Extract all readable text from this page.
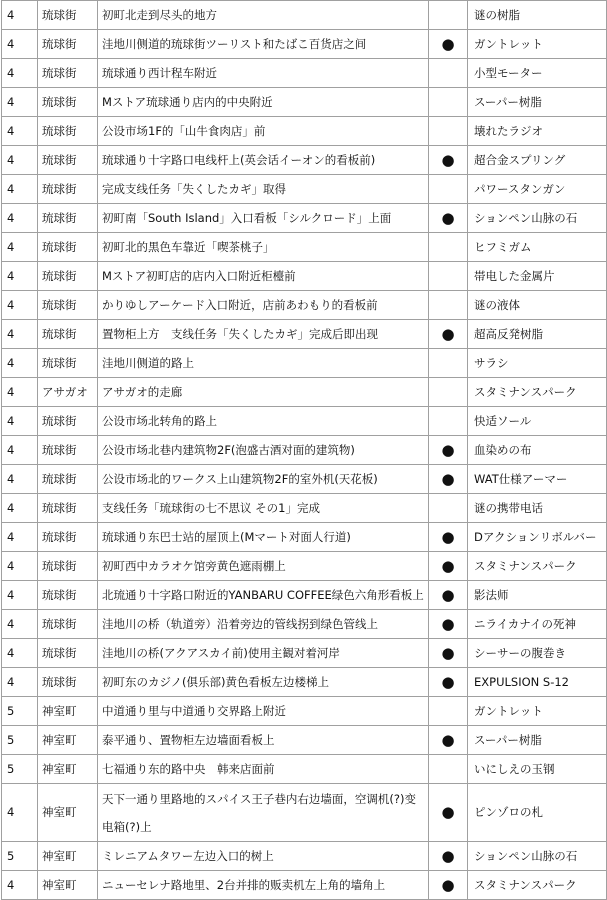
4	琉球街	初町北走到尽头的地方		谜の树脂
4	琉球街	洼地川侧道的琉球街ツーリスト和たばこ百货店之间	●	ガントレット
4	琉球街	琉球通り西计程车附近		小型モーター
4	琉球街	Mストア琉球通り店内的中央附近		スーパー树脂
4	琉球街	公设市场1F的「山牛食肉店」前		壊れたラジオ
4	琉球街	琉球通り十字路口电线杆上(英会话イーオン的看板前)	●	超合金スプリング
4	琉球街	完成支线任务「失くしたカギ」取得		パワースタンガン
4	琉球街	初町南「South Island」入口看板「シルクロード」上面	●	ションペン山脉の石
4	琉球街	初町北的黒色车靠近「喫茶桃子」		ヒフミガム
4	琉球街	Mストア初町店的店内入口附近柜檯前		帯电した金属片
4	琉球街	かりゆしアーケード入口附近，店前あわもり的看板前		谜の液体
4	琉球街	置物柜上方　支线任务「失くしたカギ」完成后即出现	●	超高反発树脂
4	琉球街	洼地川侧道的路上		サラシ
4	アサガオ	アサガオ的走廊		スタミナンスパーク
4	琉球街	公设市场北转角的路上		快适ソール
4	琉球街	公设市场北巷内建筑物2F(泡盛古酒对面的建筑物)	●	血染めの布
4	琉球街	公设市场北的ワークス上山建筑物2F的室外机(天花板)	●	WAT仕様アーマー
4	琉球街	支线任务「琉球街の七不思议 その1」完成		谜の携带电话
4	琉球街	琉球通り东巴士站的屋顶上(Mマート对面人行道)	●	Dアクションリボルバー
4	琉球街	初町西中カラオケ馆旁黄色遮雨棚上	●	スタミナンスパーク
4	琉球街	北琉通り十字路口附近的YANBARU COFFEE绿色六角形看板上	●	影法师
4	琉球街	洼地川の桥（轨道旁）沿着旁边的管线拐到绿色管线上	●	ニライカナイの死神
4	琉球街	洼地川の桥(アクアスカイ前)使用主観对着河岸	●	シーサーの腹巻き
4	琉球街	初町东のカジノ(俱乐部)黄色看板左边楼梯上	●	EXPULSION S-12
5	神室町	中道通り里与中道通り交界路上附近		ガントレット
5	神室町	泰平通り、置物柜左边墙面看板上	●	スーパー树脂
5	神室町	七福通り东的路中央　韩来店面前		いにしえの玉钢
4	神室町	天下一通り里路地的スパイス王子巷内右边墙面，空调机(?)变电箱(?)上	●	ピンゾロの札
5	神室町	ミレニアムタワー左边入口的树上	●	ションペン山脉の石
4	神室町	ニューセレナ路地里、2台并排的贩卖机左上角的墙角上	●	スタミナンスパーク
